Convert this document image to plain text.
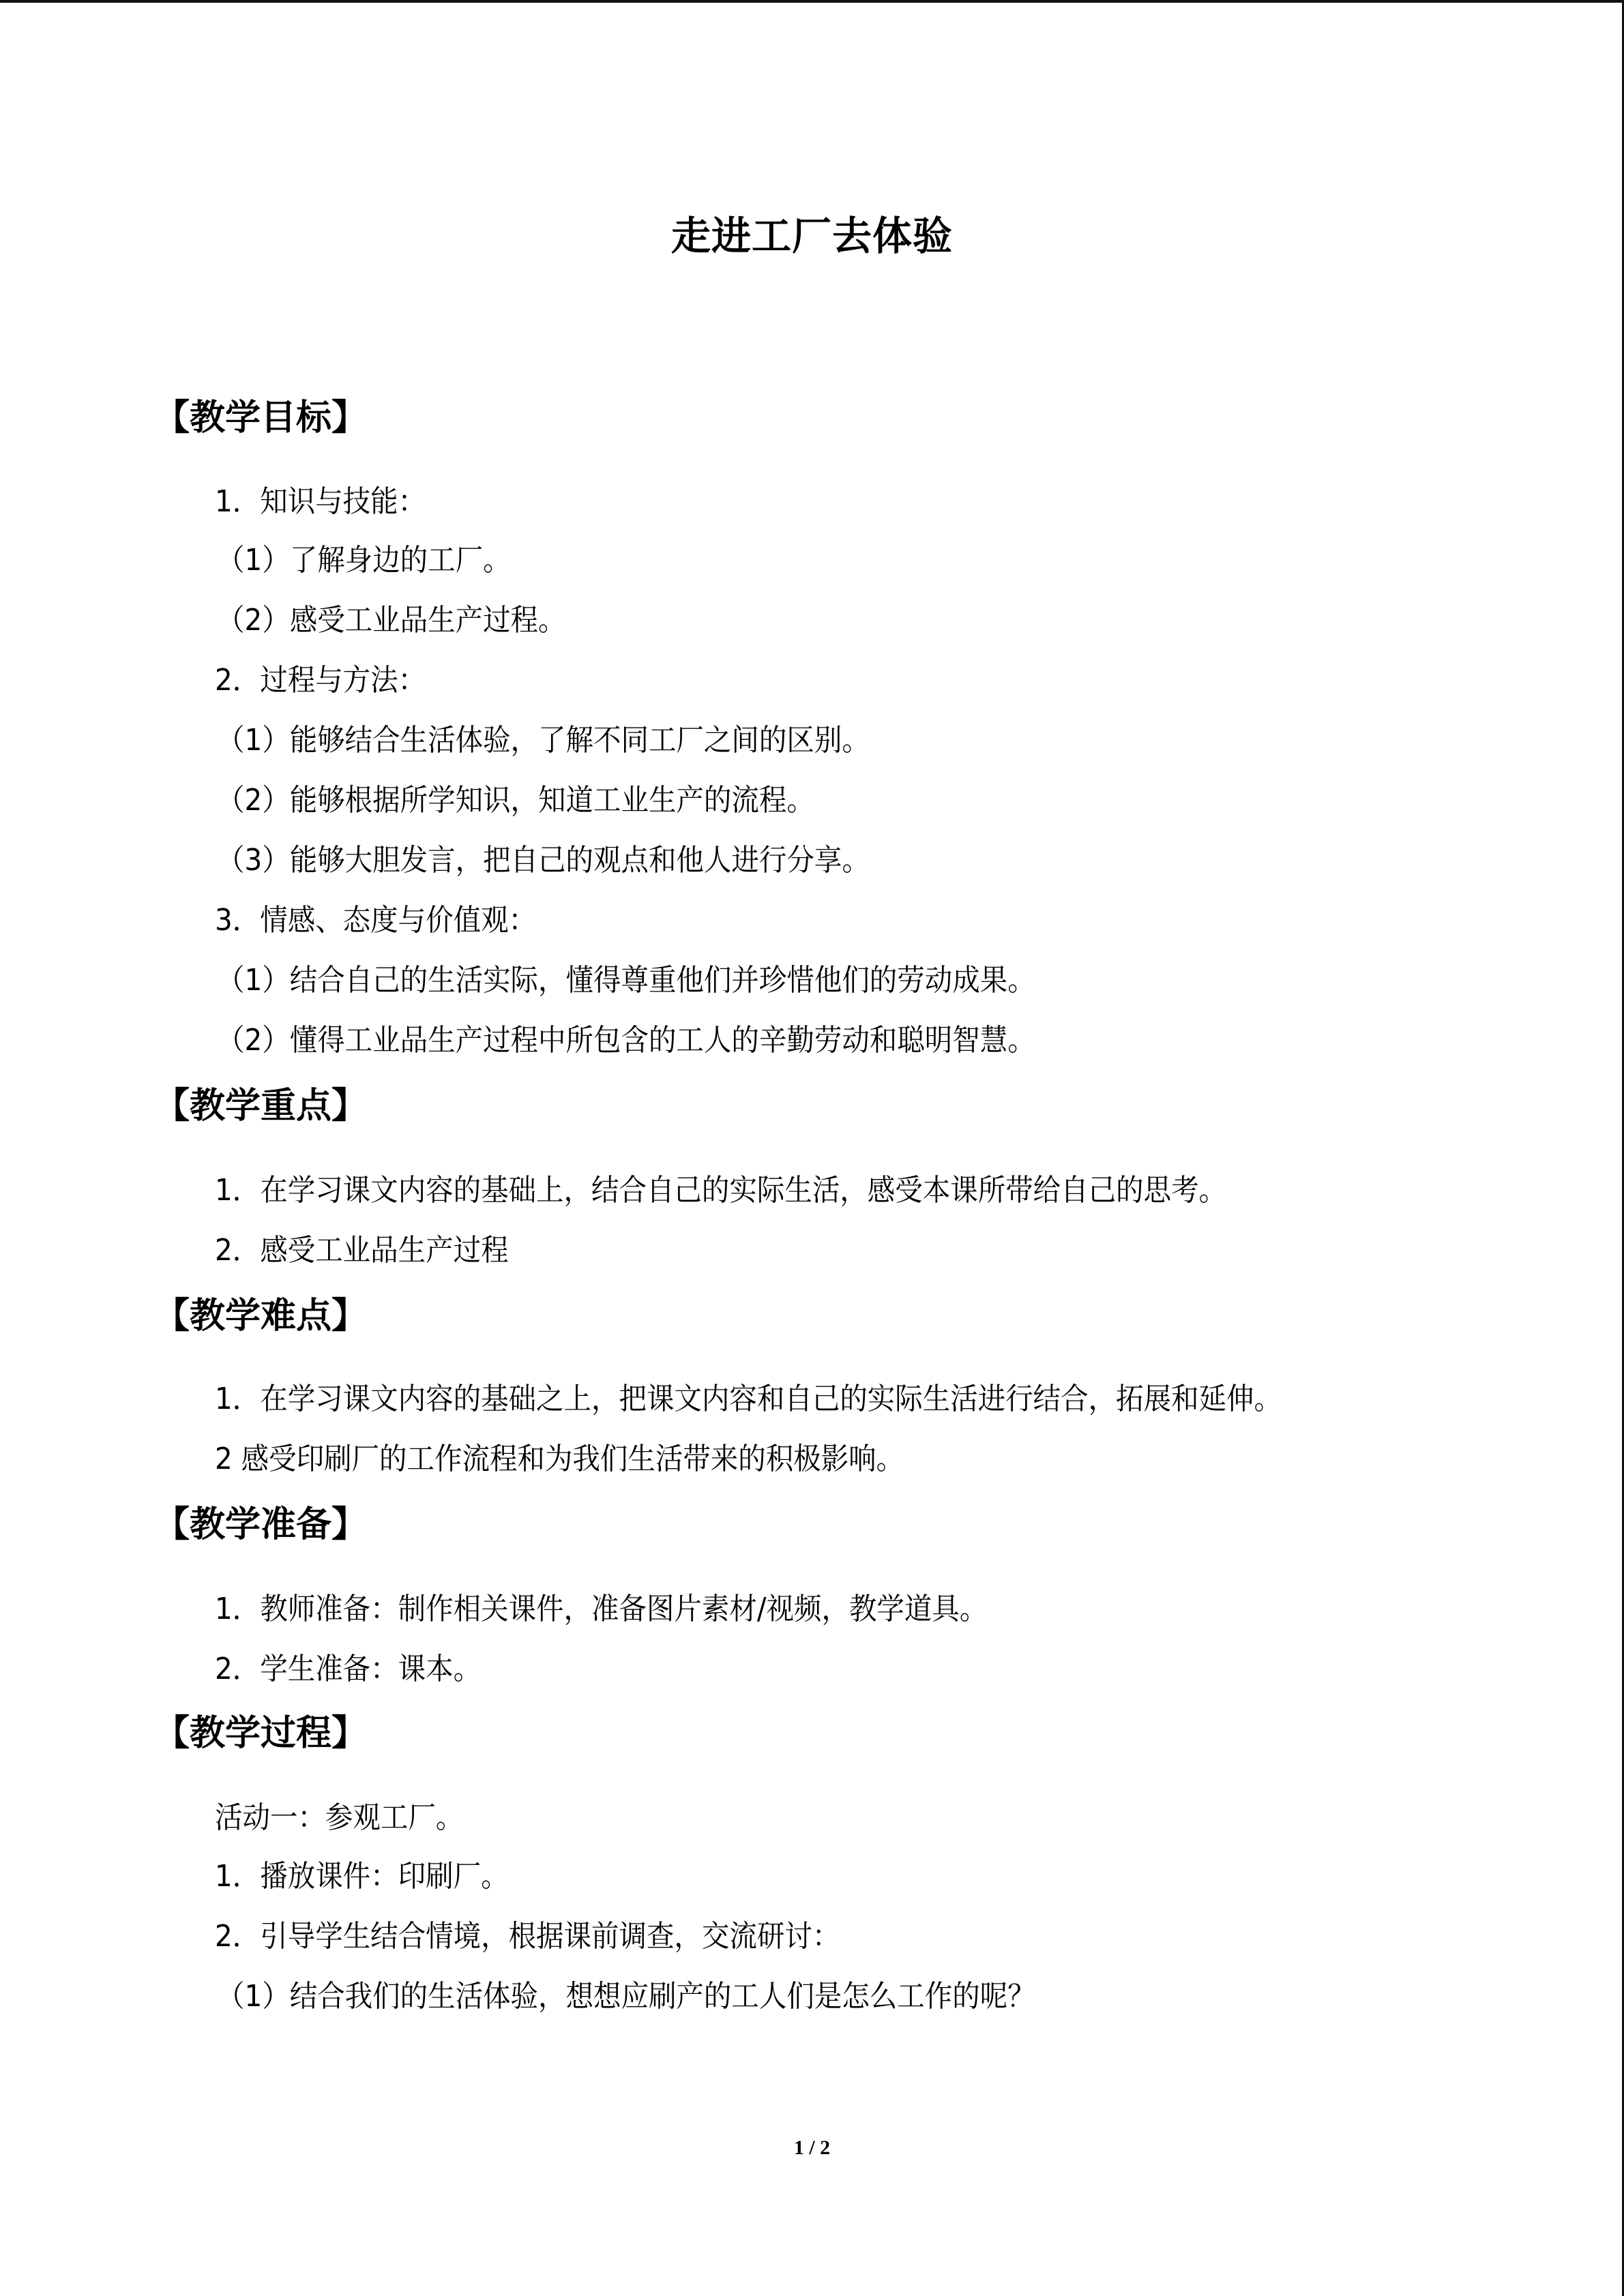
走进工厂去体验
【教学目标】
1．知识与技能：
（1）了解身边的工厂。
（2）感受工业品生产过程。
2．过程与方法：
（1）能够结合生活体验，了解不同工厂之间的区别。
（2）能够根据所学知识，知道工业生产的流程。
（3）能够大胆发言，把自己的观点和他人进行分享。
3．情感、态度与价值观：
（1）结合自己的生活实际，懂得尊重他们并珍惜他们的劳动成果。
（2）懂得工业品生产过程中所包含的工人的辛勤劳动和聪明智慧。
【教学重点】
1．在学习课文内容的基础上，结合自己的实际生活，感受本课所带给自己的思考。
2．感受工业品生产过程
【教学难点】
1．在学习课文内容的基础之上，把课文内容和自己的实际生活进行结合，拓展和延伸。
2 感受印刷厂的工作流程和为我们生活带来的积极影响。
【教学准备】
1．教师准备：制作相关课件，准备图片素材/视频，教学道具。
2．学生准备：课本。
【教学过程】
活动一：参观工厂。
1．播放课件：印刷厂。
2．引导学生结合情境，根据课前调查，交流研讨：
（1）结合我们的生活体验，想想应刷产的工人们是怎么工作的呢？
1 / 2
